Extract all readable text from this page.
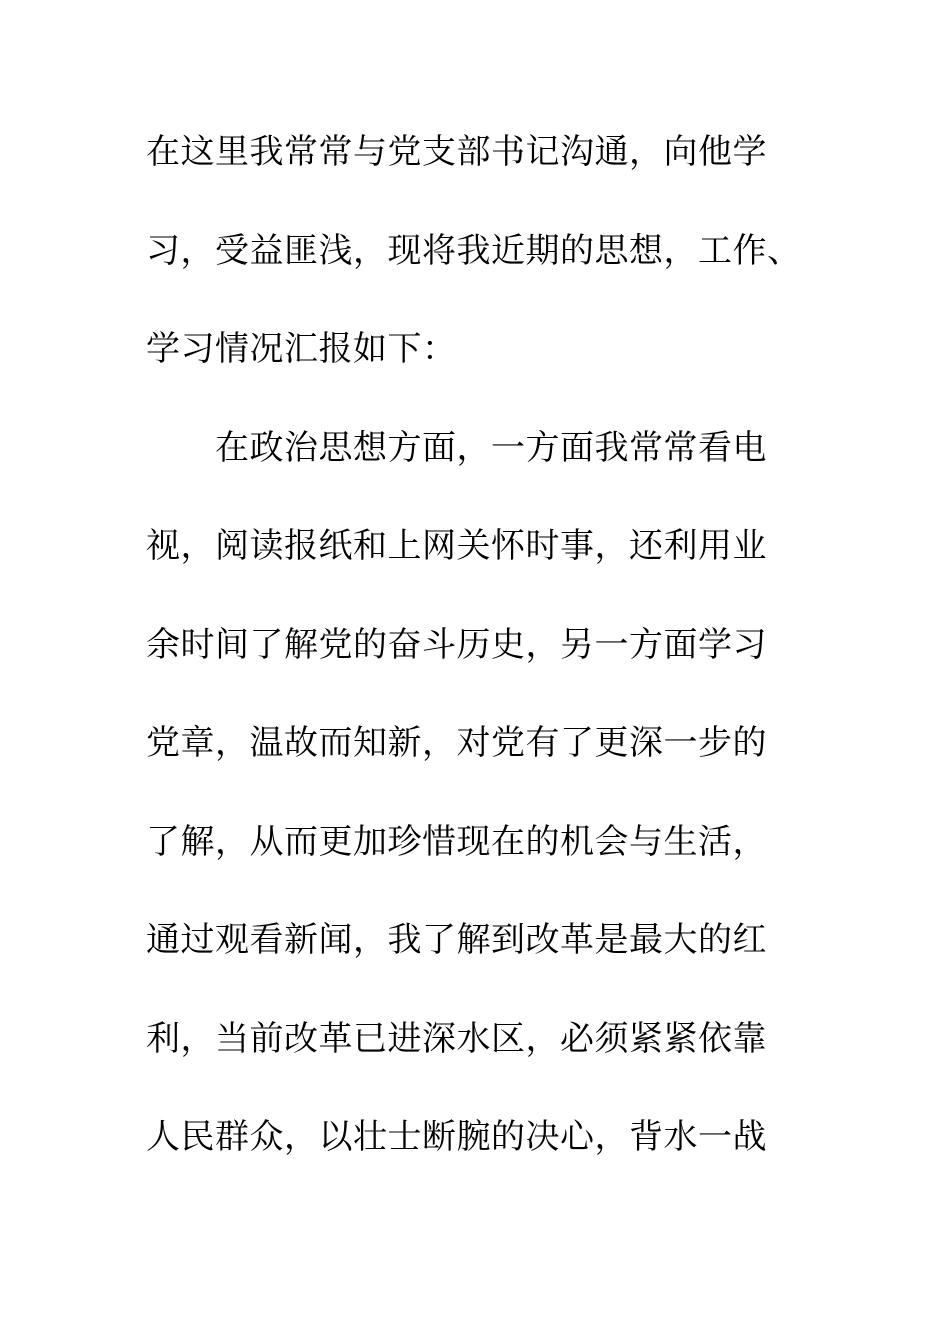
在这里我常常与党支部书记沟通，向他学
习，受益匪浅，现将我近期的思想，工作、
学习情况汇报如下：
　　在政治思想方面，一方面我常常看电
视，阅读报纸和上网关怀时事，还利用业
余时间了解党的奋斗历史，另一方面学习
党章，温故而知新，对党有了更深一步的
了解，从而更加珍惜现在的机会与生活，
通过观看新闻，我了解到改革是最大的红
利，当前改革已进深水区，必须紧紧依靠
人民群众，以壮士断腕的决心，背水一战
